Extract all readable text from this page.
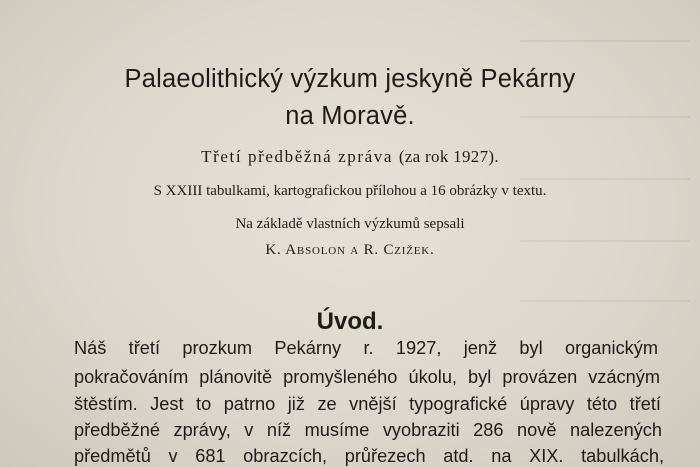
Palaeolithický výzkum jeskyně Pekárny
na Moravě.
Třetí předběžná zpráva (za rok 1927).
S XXIII tabulkami, kartografickou přílohou a 16 obrázky v textu.
Na základě vlastních výzkumů sepsali
K. Absolon a R. Czižek.
Úvod.
Náš třetí prozkum Pekárny r. 1927, jenž byl organickým
pokračováním plánovitě promyšleného úkolu, byl provázen vzácným
štěstím. Jest to patrno již ze vnější typografické úpravy této třetí
předběžné zprávy, v níž musíme vyobraziti 286 nově nalezených
předmětů v 681 obrazcích, průřezech atd. na XIX. tabulkách,
